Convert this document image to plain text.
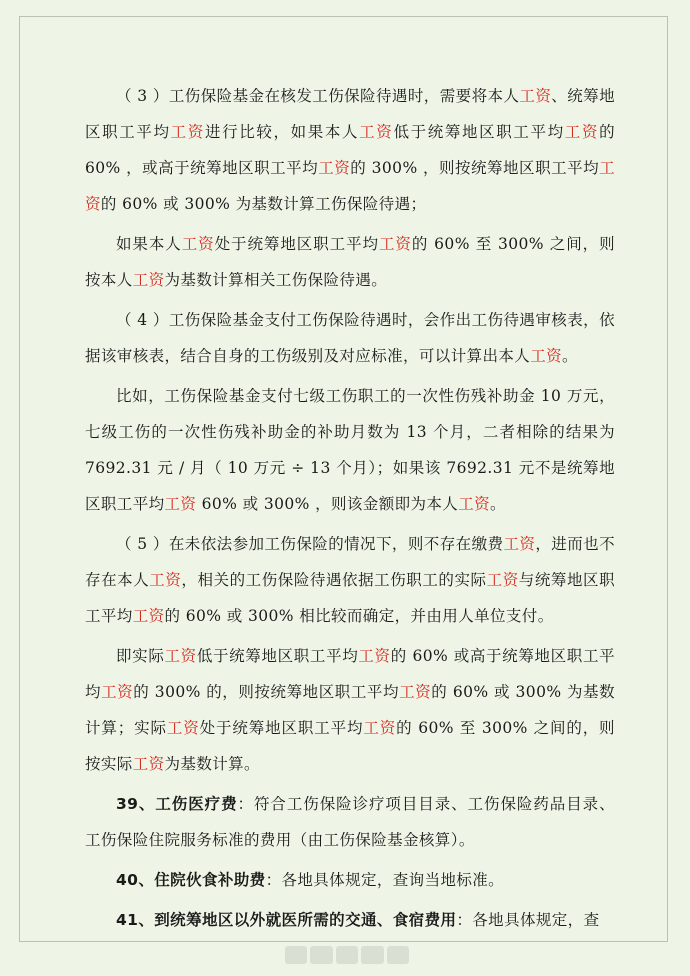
（ 3 ）工伤保险基金在核发工伤保险待遇时，需要将本人工资、统筹地区职工平均工资进行比较，如果本人工资低于统筹地区职工平均工资的 60% ，或高于统筹地区职工平均工资的 300% ，则按统筹地区职工平均工资的 60% 或 300% 为基数计算工伤保险待遇；

如果本人工资处于统筹地区职工平均工资的 60% 至 300% 之间，则按本人工资为基数计算相关工伤保险待遇。

（ 4 ）工伤保险基金支付工伤保险待遇时，会作出工伤待遇审核表，依据该审核表，结合自身的工伤级别及对应标准，可以计算出本人工资。

比如，工伤保险基金支付七级工伤职工的一次性伤残补助金 10 万元，七级工伤的一次性伤残补助金的补助月数为 13 个月，二者相除的结果为 7692.31 元 / 月（ 10 万元 ÷ 13 个月）；如果该 7692.31 元不是统筹地区职工平均工资 60% 或 300% ，则该金额即为本人工资。

（ 5 ）在未依法参加工伤保险的情况下，则不存在缴费工资，进而也不存在本人工资，相关的工伤保险待遇依据工伤职工的实际工资与统筹地区职工平均工资的 60% 或 300% 相比较而确定，并由用人单位支付。

即实际工资低于统筹地区职工平均工资的 60% 或高于统筹地区职工平均工资的 300% 的，则按统筹地区职工平均工资的 60% 或 300% 为基数计算；实际工资处于统筹地区职工平均工资的 60% 至 300% 之间的，则按实际工资为基数计算。

39、工伤医疗费：符合工伤保险诊疗项目目录、工伤保险药品目录、工伤保险住院服务标准的费用（由工伤保险基金核算）。

40、住院伙食补助费：各地具体规定，查询当地标准。

41、到统筹地区以外就医所需的交通、食宿费用：各地具体规定，查
